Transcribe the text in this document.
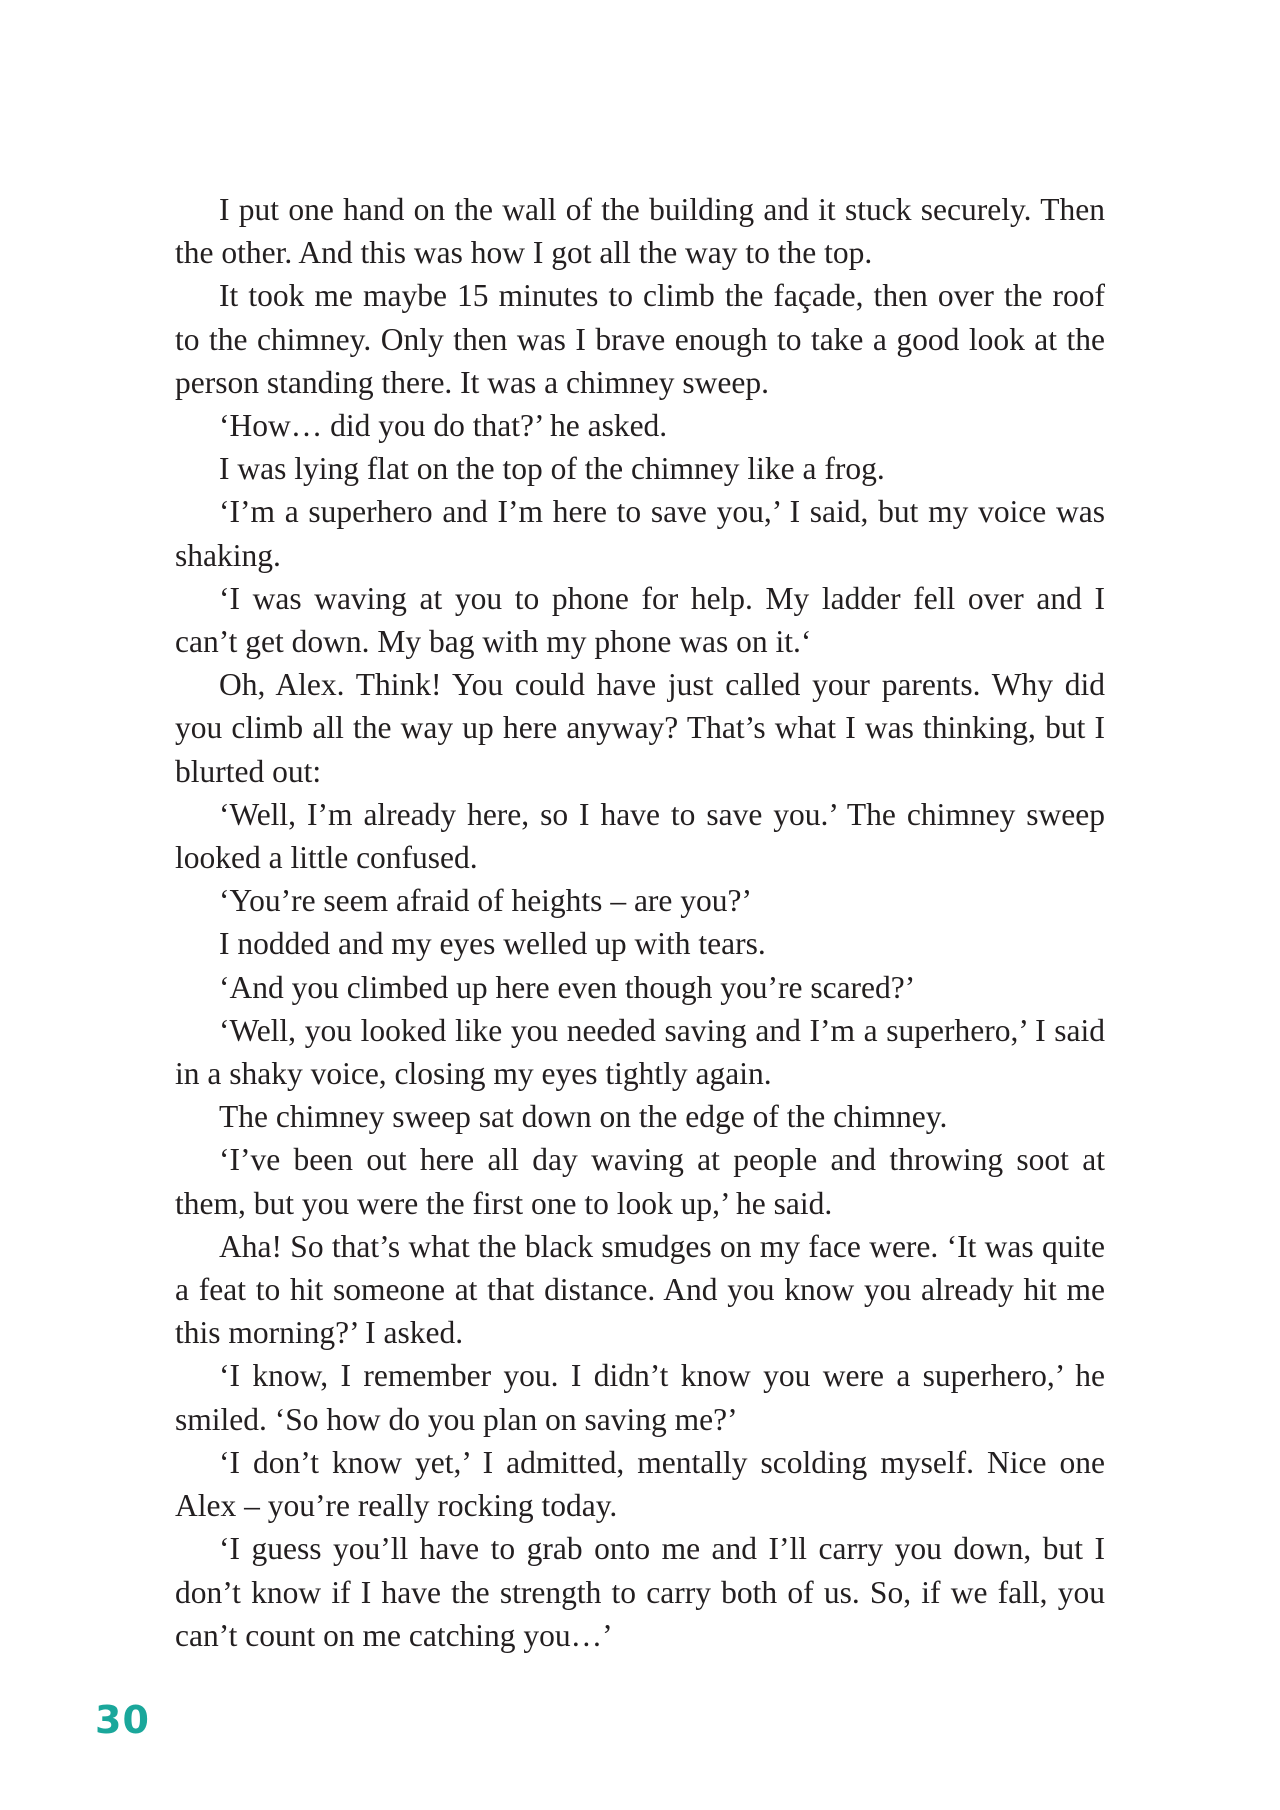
I put one hand on the wall of the building and it stuck securely. Then the other. And this was how I got all the way to the top.

It took me maybe 15 minutes to climb the façade, then over the roof to the chimney. Only then was I brave enough to take a good look at the person standing there. It was a chimney sweep.

‘How… did you do that?’ he asked.

I was lying flat on the top of the chimney like a frog.

‘I’m a superhero and I’m here to save you,’ I said, but my voice was shaking.

‘I was waving at you to phone for help. My ladder fell over and I can’t get down. My bag with my phone was on it.‘

Oh, Alex. Think! You could have just called your parents. Why did you climb all the way up here anyway? That’s what I was thinking, but I blurted out:

‘Well, I’m already here, so I have to save you.’ The chimney sweep looked a little confused.

‘You’re seem afraid of heights – are you?’

I nodded and my eyes welled up with tears.

‘And you climbed up here even though you’re scared?’

‘Well, you looked like you needed saving and I’m a superhero,’ I said in a shaky voice, closing my eyes tightly again.

The chimney sweep sat down on the edge of the chimney.

‘I’ve been out here all day waving at people and throwing soot at them, but you were the first one to look up,’ he said.

Aha! So that’s what the black smudges on my face were. ‘It was quite a feat to hit someone at that distance. And you know you already hit me this morning?’ I asked.

‘I know, I remember you. I didn’t know you were a superhero,’ he smiled. ‘So how do you plan on saving me?’

‘I don’t know yet,’ I admitted, mentally scolding myself. Nice one Alex – you’re really rocking today.

‘I guess you’ll have to grab onto me and I’ll carry you down, but I don’t know if I have the strength to carry both of us. So, if we fall, you can’t count on me catching you…’

30
